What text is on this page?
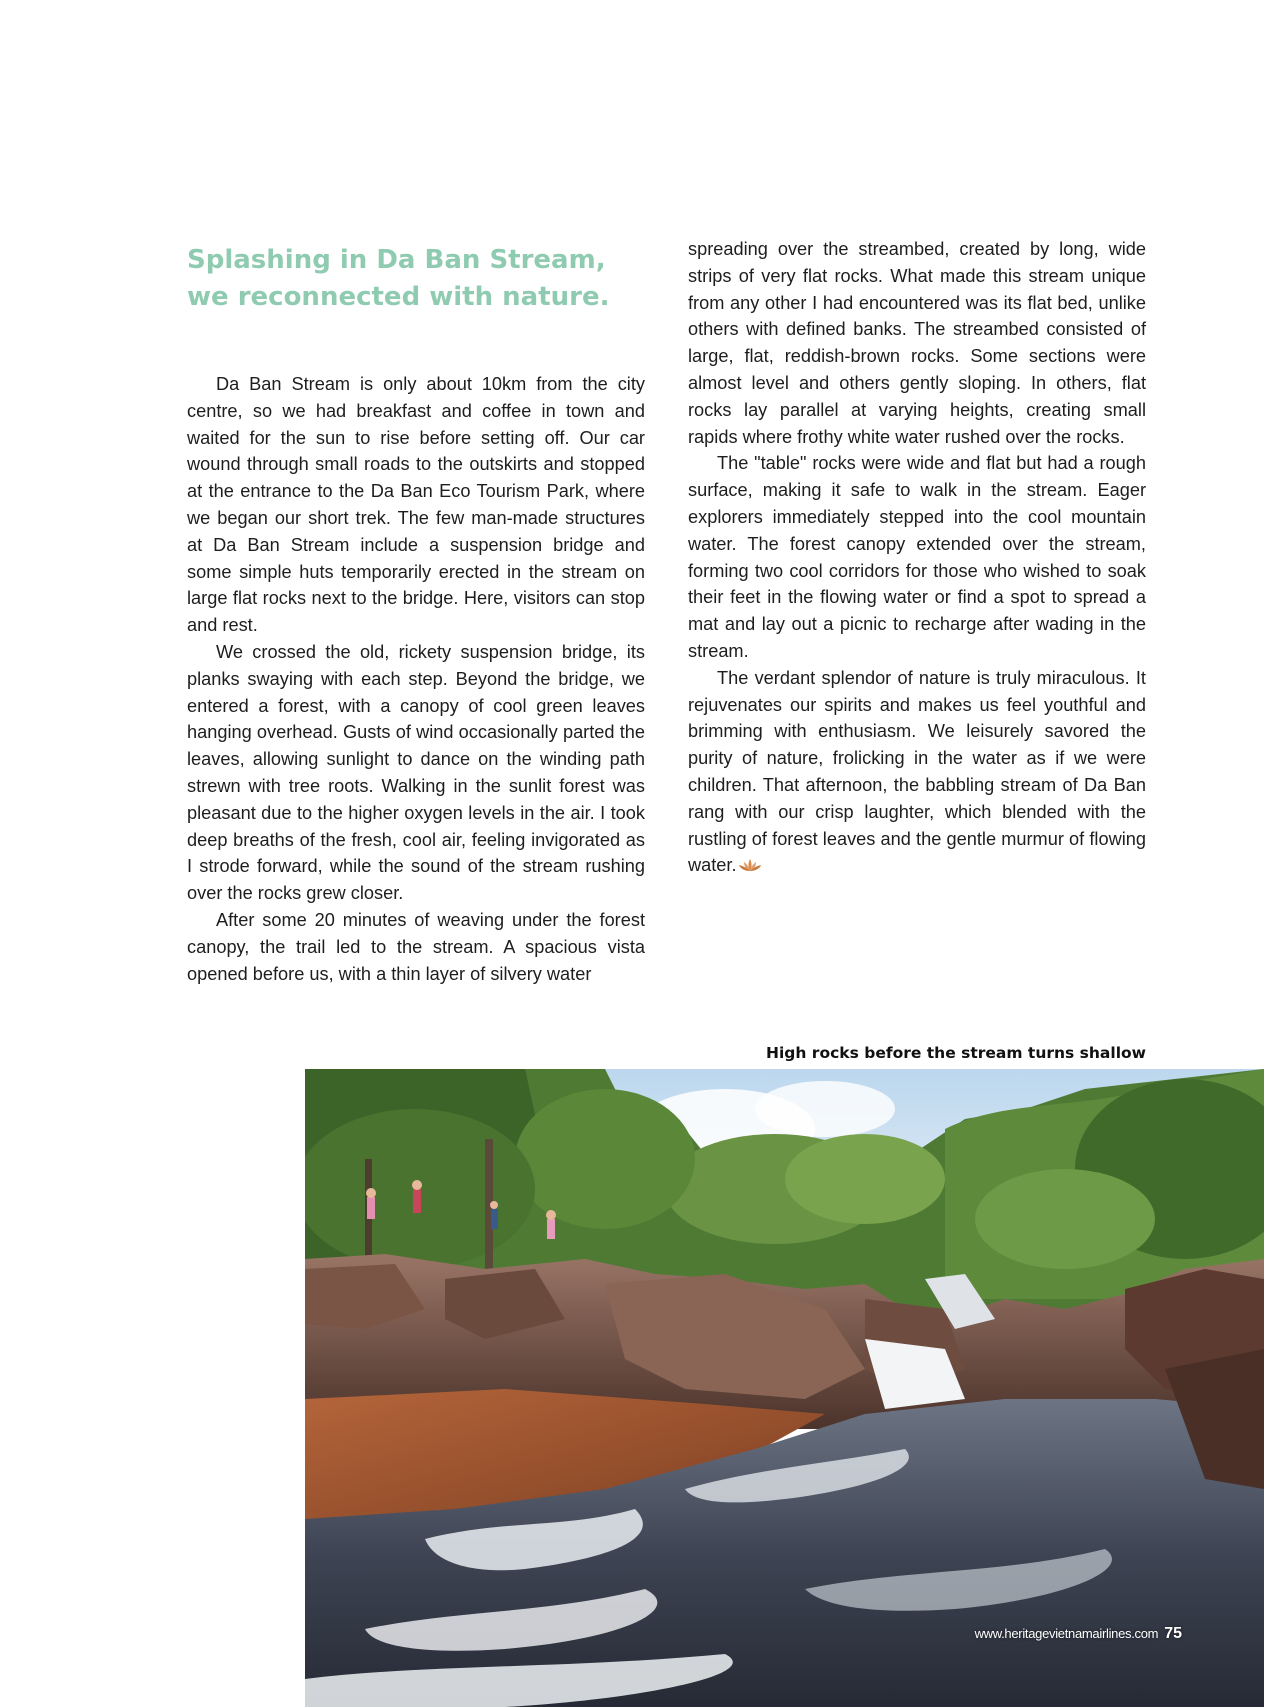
Splashing in Da Ban Stream,
we reconnected with nature.

Da Ban Stream is only about 10km from the city centre, so we had breakfast and coffee in town and waited for the sun to rise before setting off. Our car wound through small roads to the outskirts and stopped at the entrance to the Da Ban Eco Tourism Park, where we began our short trek. The few man-made structures at Da Ban Stream include a suspension bridge and some simple huts temporarily erected in the stream on large flat rocks next to the bridge. Here, visitors can stop and rest.

We crossed the old, rickety suspension bridge, its planks swaying with each step. Beyond the bridge, we entered a forest, with a canopy of cool green leaves hanging overhead. Gusts of wind occasionally parted the leaves, allowing sunlight to dance on the winding path strewn with tree roots. Walking in the sunlit forest was pleasant due to the higher oxygen levels in the air. I took deep breaths of the fresh, cool air, feeling invigorated as I strode forward, while the sound of the stream rushing over the rocks grew closer.

After some 20 minutes of weaving under the forest canopy, the trail led to the stream. A spacious vista opened before us, with a thin layer of silvery water

spreading over the streambed, created by long, wide strips of very flat rocks. What made this stream unique from any other I had encountered was its flat bed, unlike others with defined banks. The streambed consisted of large, flat, reddish-brown rocks. Some sections were almost level and others gently sloping. In others, flat rocks lay parallel at varying heights, creating small rapids where frothy white water rushed over the rocks.

The "table" rocks were wide and flat but had a rough surface, making it safe to walk in the stream. Eager explorers immediately stepped into the cool mountain water. The forest canopy extended over the stream, forming two cool corridors for those who wished to soak their feet in the flowing water or find a spot to spread a mat and lay out a picnic to recharge after wading in the stream.

The verdant splendor of nature is truly miraculous. It rejuvenates our spirits and makes us feel youthful and brimming with enthusiasm. We leisurely savored the purity of nature, frolicking in the water as if we were children. That afternoon, the babbling stream of Da Ban rang with our crisp laughter, which blended with the rustling of forest leaves and the gentle murmur of flowing water.

High rocks before the stream turns shallow
www.heritagevietnamairlines.com 75
